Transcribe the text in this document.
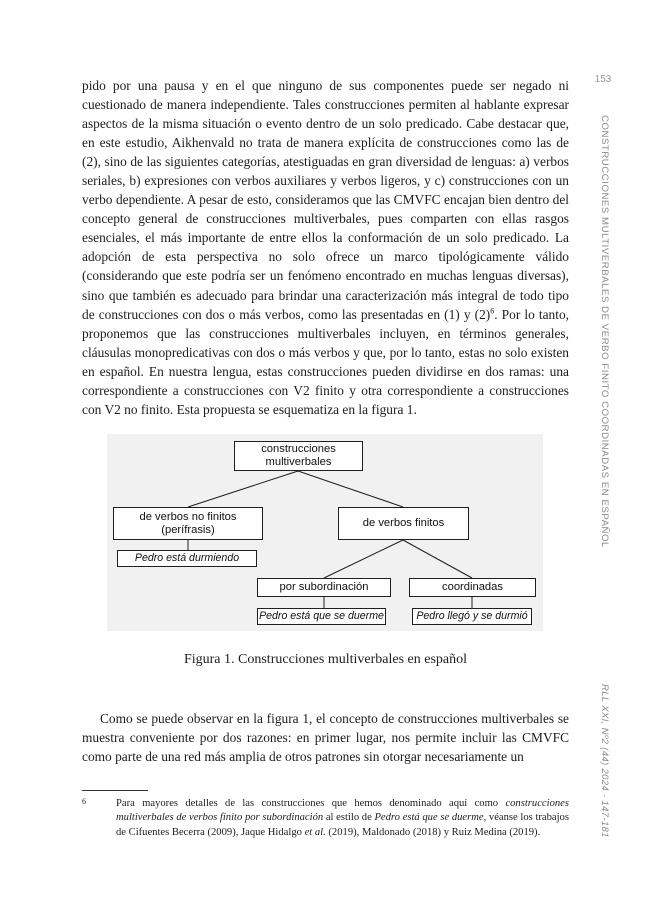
153
CONSTRUCCIONES MULTIVERBALES DE VERBO FINITO COORDINADAS EN ESPAÑOL
RLL XXI, Nº2 (44) 2024 · 147-181

pido por una pausa y en el que ninguno de sus componentes puede ser negado ni cuestionado de manera independiente. Tales construcciones permiten al hablante expresar aspectos de la misma situación o evento dentro de un solo predicado. Cabe destacar que, en este estudio, Aikhenvald no trata de manera explícita de construcciones como las de (2), sino de las siguientes categorías, atestiguadas en gran diversidad de lenguas: a) verbos seriales, b) expresiones con verbos auxiliares y verbos ligeros, y c) construcciones con un verbo dependiente. A pesar de esto, consideramos que las CMVFC encajan bien dentro del concepto general de construcciones multiverbales, pues comparten con ellas rasgos esenciales, el más importante de entre ellos la conformación de un solo predicado. La adopción de esta perspectiva no solo ofrece un marco tipológicamente válido (considerando que este podría ser un fenómeno encontrado en muchas lenguas diversas), sino que también es adecuado para brindar una caracterización más integral de todo tipo de construcciones con dos o más verbos, como las presentadas en (1) y $(2)^6$. Por lo tanto, proponemos que las construcciones multiverbales incluyen, en términos generales, cláusulas monopredicativas con dos o más verbos y que, por lo tanto, estas no solo existen en español. En nuestra lengua, estas construcciones pueden dividirse en dos ramas: una correspondiente a construcciones con V2 finito y otra correspondiente a construcciones con V2 no finito. Esta propuesta se esquematiza en la figura 1.

construcciones multiverbales
de verbos no finitos (perífrasis)
de verbos finitos
Pedro está durmiendo
por subordinación	coordinadas
Pedro está que se duerme	Pedro llegó y se durmió
Figura 1. Construcciones multiverbales en español

Como se puede observar en la figura 1, el concepto de construcciones multiverbales se muestra conveniente por dos razones: en primer lugar, nos permite incluir las CMVFC como parte de una red más amplia de otros patrones sin otorgar necesariamente un

6	Para mayores detalles de las construcciones que hemos denominado aquí como construcciones multiverbales de verbos finito por subordinación al estilo de Pedro está que se duerme, véanse los trabajos de Cifuentes Becerra (2009), Jaque Hidalgo et al. (2019), Maldonado (2018) y Ruiz Medina (2019).
